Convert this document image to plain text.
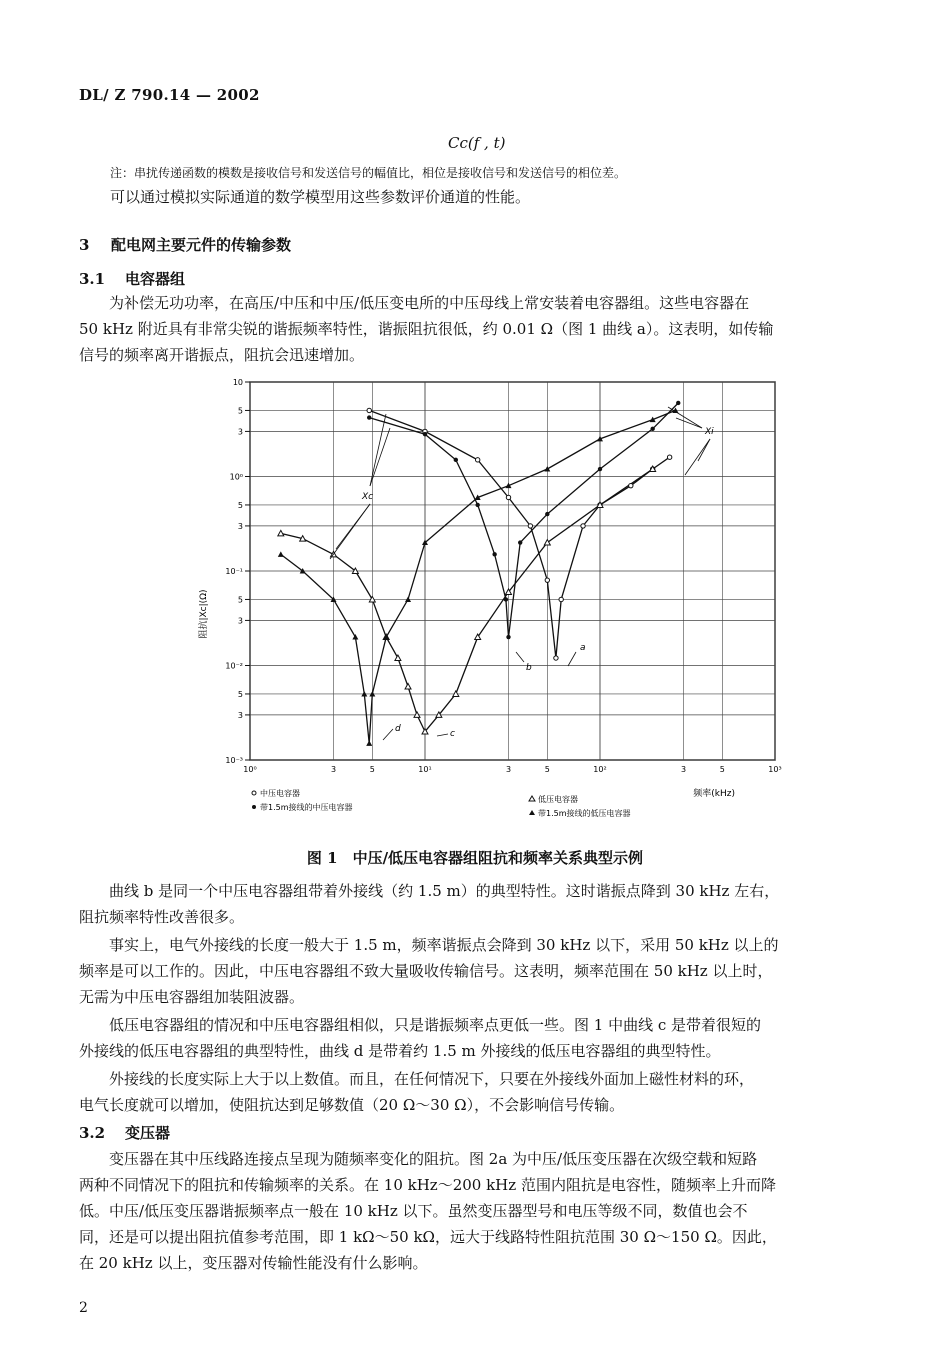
DL/ Z 790.14 — 2002
Cc(f , t)
注：串扰传递函数的模数是接收信号和发送信号的幅值比，相位是接收信号和发送信号的相位差。
可以通过模拟实际通道的数学模型用这些参数评价通道的性能。
3 配电网主要元件的传输参数
3.1 电容器组
为补偿无功功率，在高压/中压和中压/低压变电所的中压母线上常安装着电容器组。这些电容器在
50 kHz 附近具有非常尖锐的谐振频率特性，谐振阻抗很低，约 0.01 Ω（图 1 曲线 a）。这表明，如传输
信号的频率离开谐振点，阻抗会迅速增加。
10⁰	3	5	10¹	3	5	10²	3	5	10³
10
5
3
10⁰
5
3
10⁻¹
5
3
10⁻²
5
3
10⁻³
Xc
Xi
a
b
c
d
阻抗|Xc|(Ω)
频率(kHz)
中压电容器
带1.5m接线的中压电容器
低压电容器
带1.5m接线的低压电容器
图 1　中压/低压电容器组阻抗和频率关系典型示例
曲线 b 是同一个中压电容器组带着外接线（约 1.5 m）的典型特性。这时谐振点降到 30 kHz 左右，
阻抗频率特性改善很多。
事实上，电气外接线的长度一般大于 1.5 m，频率谐振点会降到 30 kHz 以下，采用 50 kHz 以上的
频率是可以工作的。因此，中压电容器组不致大量吸收传输信号。这表明，频率范围在 50 kHz 以上时，
无需为中压电容器组加装阻波器。
低压电容器组的情况和中压电容器组相似，只是谐振频率点更低一些。图 1 中曲线 c 是带着很短的
外接线的低压电容器组的典型特性，曲线 d 是带着约 1.5 m 外接线的低压电容器组的典型特性。
外接线的长度实际上大于以上数值。而且，在任何情况下，只要在外接线外面加上磁性材料的环，
电气长度就可以增加，使阻抗达到足够数值（20 Ω～30 Ω），不会影响信号传输。
3.2 变压器
变压器在其中压线路连接点呈现为随频率变化的阻抗。图 2a 为中压/低压变压器在次级空载和短路
两种不同情况下的阻抗和传输频率的关系。在 10 kHz～200 kHz 范围内阻抗是电容性，随频率上升而降
低。中压/低压变压器谐振频率点一般在 10 kHz 以下。虽然变压器型号和电压等级不同，数值也会不
同，还是可以提出阻抗值参考范围，即 1 kΩ～50 kΩ，远大于线路特性阻抗范围 30 Ω～150 Ω。因此，
在 20 kHz 以上，变压器对传输性能没有什么影响。
2
